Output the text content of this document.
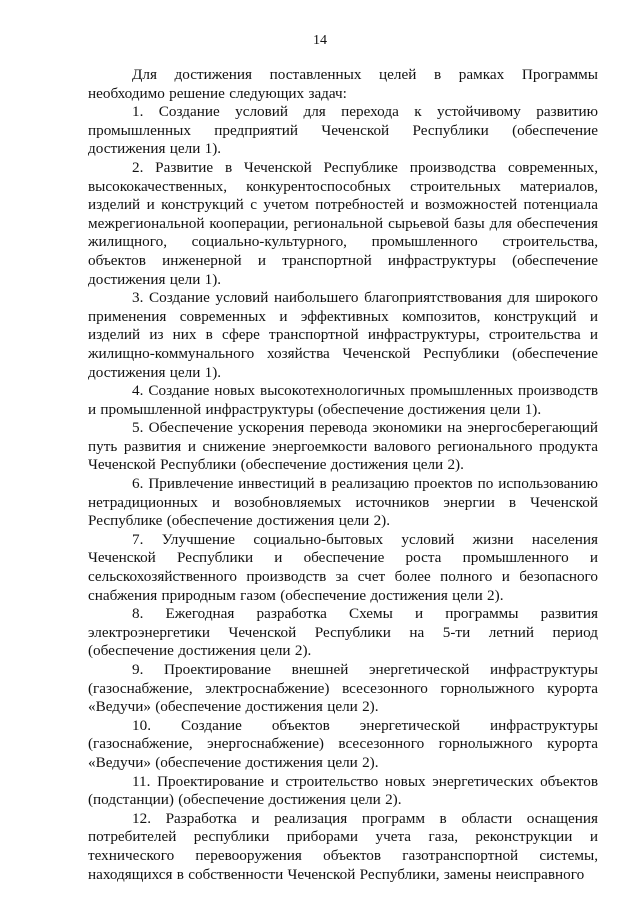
14

Для достижения поставленных целей в рамках Программы необходимо решение следующих задач:

1. Создание условий для перехода к устойчивому развитию промышленных предприятий Чеченской Республики (обеспечение достижения цели 1).

2. Развитие в Чеченской Республике производства современных, высококачественных, конкурентоспособных строительных материалов, изделий и конструкций с учетом потребностей и возможностей потенциала межрегиональной кооперации, региональной сырьевой базы для обеспечения жилищного, социально-культурного, промышленного строительства, объектов инженерной и транспортной инфраструктуры (обеспечение достижения цели 1).

3. Создание условий наибольшего благоприятствования для широкого применения современных и эффективных композитов, конструкций и изделий из них в сфере транспортной инфраструктуры, строительства и жилищно-коммунального хозяйства Чеченской Республики (обеспечение достижения цели 1).

4. Создание новых высокотехнологичных промышленных производств и промышленной инфраструктуры (обеспечение достижения цели 1).

5. Обеспечение ускорения перевода экономики на энергосберегающий путь развития и снижение энергоемкости валового регионального продукта Чеченской Республики (обеспечение достижения цели 2).

6. Привлечение инвестиций в реализацию проектов по использованию нетрадиционных и возобновляемых источников энергии в Чеченской Республике (обеспечение достижения цели 2).

7. Улучшение социально-бытовых условий жизни населения Чеченской Республики и обеспечение роста промышленного и сельскохозяйственного производств за счет более полного и безопасного снабжения природным газом (обеспечение достижения цели 2).

8. Ежегодная разработка Схемы и программы развития электроэнергетики Чеченской Республики на 5-ти летний период (обеспечение достижения цели 2).

9. Проектирование внешней энергетической инфраструктуры (газоснабжение, электроснабжение) всесезонного горнолыжного курорта «Ведучи» (обеспечение достижения цели 2).

10. Создание объектов энергетической инфраструктуры (газоснабжение, энергоснабжение) всесезонного горнолыжного курорта «Ведучи» (обеспечение достижения цели 2).

11. Проектирование и строительство новых энергетических объектов (подстанции) (обеспечение достижения цели 2).

12. Разработка и реализация программ в области оснащения потребителей республики приборами учета газа, реконструкции и технического перевооружения объектов газотранспортной системы, находящихся в собственности Чеченской Республики, замены неисправного
